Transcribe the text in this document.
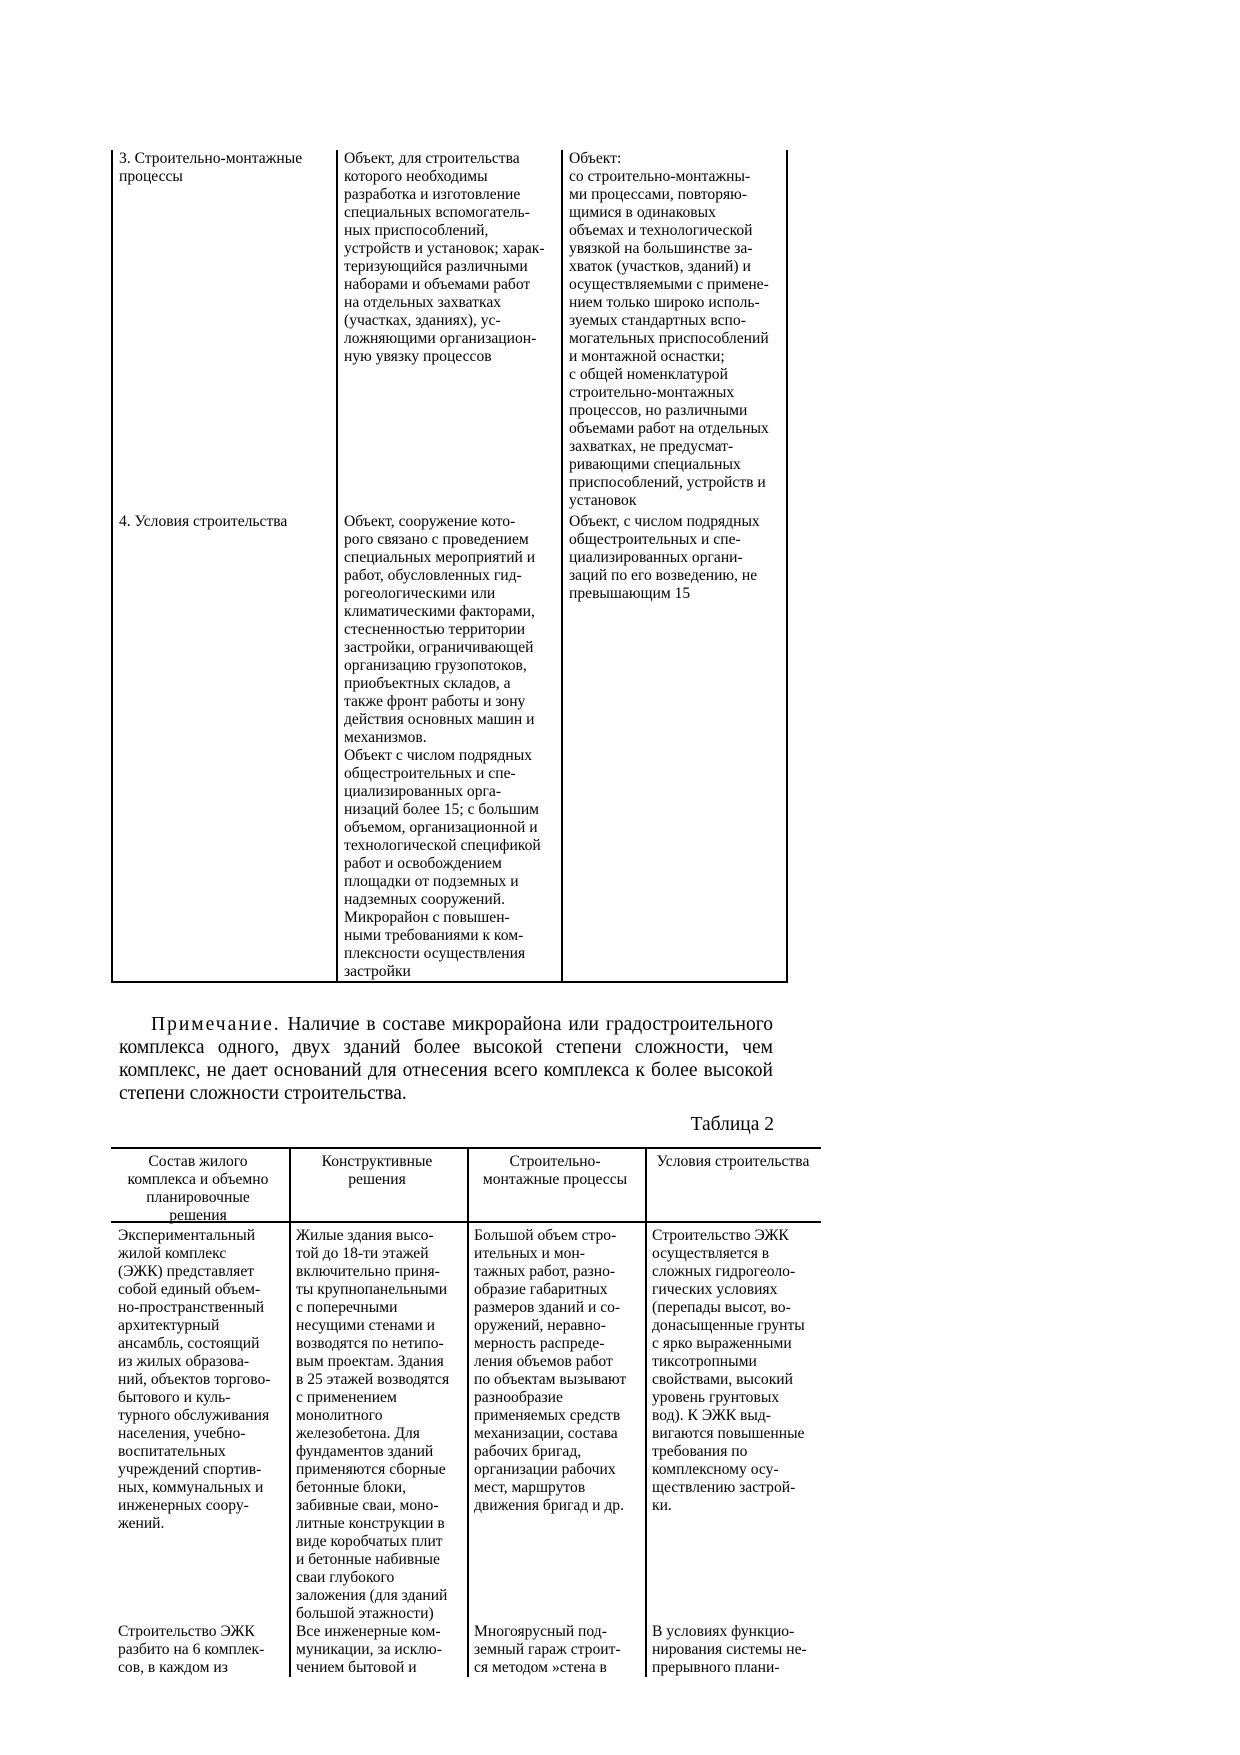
3. Строительно-монтажные
процессы
Объект, для строительства
которого необходимы
разработка и изготовление
специальных вспомогатель-
ных приспособлений,
устройств и установок; харак-
теризующийся различными
наборами и объемами работ
на отдельных захватках
(участках, зданиях), ус-
ложняющими организацион-
ную увязку процессов
Объект:
со строительно-монтажны-
ми процессами, повторяю-
щимися в одинаковых
объемах и технологической
увязкой на большинстве за-
хваток (участков, зданий) и
осуществляемыми с примене-
нием только широко исполь-
зуемых стандартных вспо-
могательных приспособлений
и монтажной оснастки;
с общей номенклатурой
строительно-монтажных
процессов, но различными
объемами работ на отдельных
захватках, не предусмат-
ривающими специальных
приспособлений, устройств и
установок
4. Условия строительства	Объект, сооружение кото-
рого связано с проведением
специальных мероприятий и
работ, обусловленных гид-
рогеологическими или
климатическими факторами,
стесненностью территории
застройки, ограничивающей
организацию грузопотоков,
приобъектных складов, а
также фронт работы и зону
действия основных машин и
механизмов.
Объект с числом подрядных
общестроительных и спе-
циализированных орга-
низаций более 15; с большим
объемом, организационной и
технологической спецификой
работ и освобождением
площадки от подземных и
надземных сооружений.
Микрорайон с повышен-
ными требованиями к ком-
плексности осуществления
застройки
Объект, с числом подрядных
общестроительных и спе-
циализированных органи-
заций по его возведению, не
превышающим 15

Примечание. Наличие в составе микрорайона или градостроительного комплекса одного, двух зданий более высокой степени сложности, чем комплекс, не дает оснований для отнесения всего комплекса к более высокой степени сложности строительства.

Таблица 2
Состав жилого
комплекса и объемно
планировочные
решения
Конструктивные
решения
Строительно-
монтажные процессы
Условия строительства
Экспериментальный
жилой комплекс
(ЭЖК) представляет
собой единый объем-
но-пространственный
архитектурный
ансамбль, состоящий
из жилых образова-
ний, объектов торгово-
бытового и куль-
турного обслуживания
населения, учебно-
воспитательных
учреждений спортив-
ных, коммунальных и
инженерных соору-
жений.
Жилые здания высо-
той до 18-ти этажей
включительно приня-
ты крупнопанельными
с поперечными
несущими стенами и
возводятся по нетипо-
вым проектам. Здания
в 25 этажей возводятся
с применением
монолитного
железобетона. Для
фундаментов зданий
применяются сборные
бетонные блоки,
забивные сваи, моно-
литные конструкции в
виде коробчатых плит
и бетонные набивные
сваи глубокого
заложения (для зданий
большой этажности)
Большой объем стро-
ительных и мон-
тажных работ, разно-
образие габаритных
размеров зданий и со-
оружений, неравно-
мерность распреде-
ления объемов работ
по объектам вызывают
разнообразие
применяемых средств
механизации, состава
рабочих бригад,
организации рабочих
мест, маршрутов
движения бригад и др.
Строительство ЭЖК
осуществляется в
сложных гидрогеоло-
гических условиях
(перепады высот, во-
донасыщенные грунты
с ярко выраженными
тиксотропными
свойствами, высокий
уровень грунтовых
вод). К ЭЖК выд-
вигаются повышенные
требования по
комплексному осу-
ществлению застрой-
ки.
Строительство ЭЖК
разбито на 6 комплек-
сов, в каждом из
Все инженерные ком-
муникации, за исклю-
чением бытовой и
Многоярусный под-
земный гараж строит-
ся методом »стена в
В условиях функцио-
нирования системы не-
прерывного плани-
